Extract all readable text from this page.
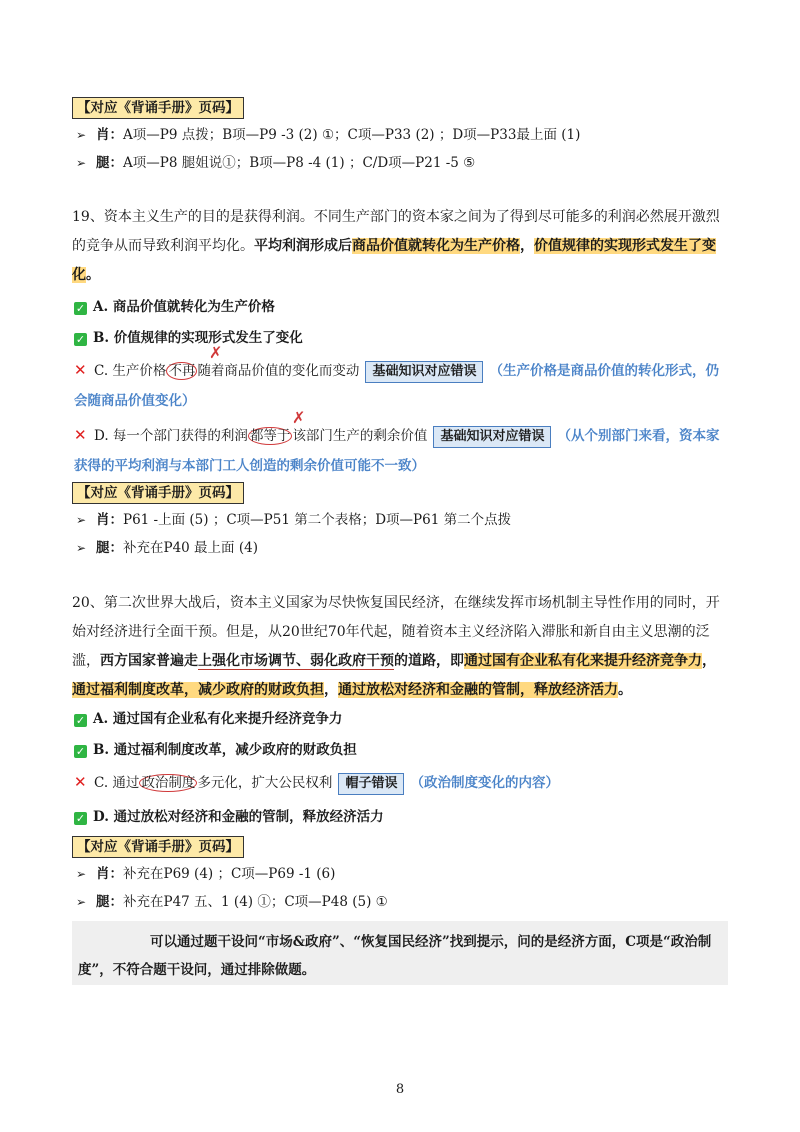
【对应《背诵手册》页码】
➢ 肖：A项—P9 点拨；B项—P9 -3 (2) ①；C项—P33 (2) ；D项—P33最上面 (1)
➢ 腿：A项—P8 腿姐说①；B项—P8 -4 (1) ；C/D项—P21 -5 ⑤
19、资本主义生产的目的是获得利润。不同生产部门的资本家之间为了得到尽可能多的利润必然展开激烈的竞争从而导致利润平均化。平均利润形成后商品价值就转化为生产价格，价值规律的实现形式发生了变化。
✓ A. 商品价值就转化为生产价格
✓ B. 价值规律的实现形式发生了变化
✕ C. 生产价格 不再 随着商品价值的变化而变动 基础知识对应错误 （生产价格是商品价值的转化形式，仍会随商品价值变化）
✗
✕ D. 每一个部门获得的利润 都等于 该部门生产的剩余价值 基础知识对应错误 （从个别部门来看，资本家获得的平均利润与本部门工人创造的剩余价值可能不一致）
✗
【对应《背诵手册》页码】
➢ 肖：P61 -上面 (5) ；C项—P51 第二个表格；D项—P61 第二个点拨
➢ 腿：补充在P40 最上面 (4)
20、第二次世界大战后，资本主义国家为尽快恢复国民经济，在继续发挥市场机制主导性作用的同时，开始对经济进行全面干预。但是，从20世纪70年代起，随着资本主义经济陷入滞胀和新自由主义思潮的泛滥，西方国家普遍走上强化市场调节、弱化政府干预的道路，即通过国有企业私有化来提升经济竞争力，通过福利制度改革，减少政府的财政负担，通过放松对经济和金融的管制，释放经济活力。
✓ A. 通过国有企业私有化来提升经济竞争力
✓ B. 通过福利制度改革，减少政府的财政负担
✕ C. 通过 政治制度 多元化，扩大公民权利 帽子错误 （政治制度变化的内容）
✓ D. 通过放松对经济和金融的管制，释放经济活力
【对应《背诵手册》页码】
➢ 肖：补充在P69 (4) ；C项—P69 -1 (6)
➢ 腿：补充在P47 五、1 (4) ①；C项—P48 (5) ①
可以通过题干设问“市场&政府”、“恢复国民经济”找到提示，问的是经济方面，C项是“政治制度”，不符合题干设问，通过排除做题。
8
